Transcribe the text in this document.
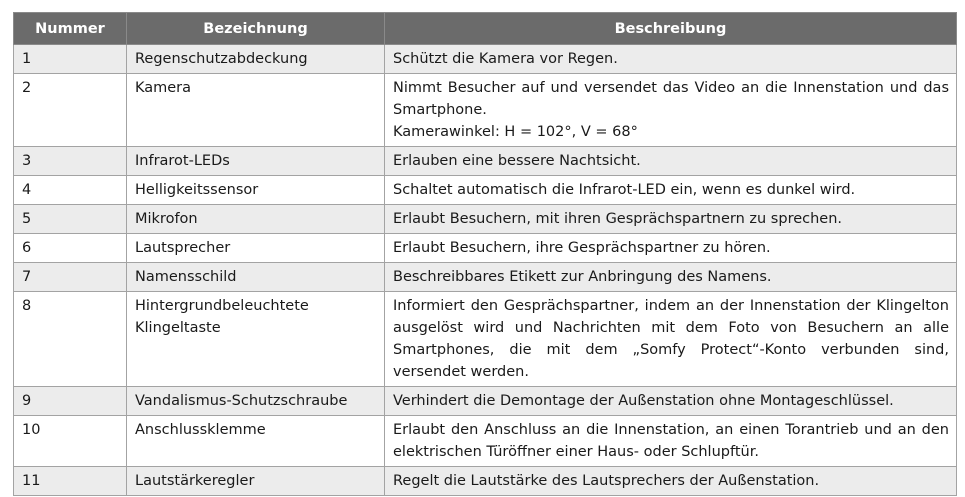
Nummer	Bezeichnung	Beschreibung
1	Regenschutzabdeckung	Schützt die Kamera vor Regen.
2	Kamera	Nimmt Besucher auf und versendet das Video an die Innenstation und das Smartphone.
Kamerawinkel: H = 102°, V = 68°

3	Infrarot-LEDs	Erlauben eine bessere Nachtsicht.
4	Helligkeitssensor	Schaltet automatisch die Infrarot-LED ein, wenn es dunkel wird.
5	Mikrofon	Erlaubt Besuchern, mit ihren Gesprächspartnern zu sprechen.
6	Lautsprecher	Erlaubt Besuchern, ihre Gesprächspartner zu hören.
7	Namensschild	Beschreibbares Etikett zur Anbringung des Namens.
8	Hintergrundbeleuchtete Klingeltaste	Informiert den Gesprächspartner, indem an der Innenstation der Klingelton ausgelöst wird und Nachrichten mit dem Foto von Besuchern an alle Smartphones, die mit dem „Somfy Protect“-Konto verbunden sind, versendet werden.
9	Vandalismus-Schutzschraube	Verhindert die Demontage der Außenstation ohne Montageschlüssel.
10	Anschlussklemme	Erlaubt den Anschluss an die Innenstation, an einen Torantrieb und an den elektrischen Türöffner einer Haus- oder Schlupftür.
11	Lautstärkeregler	Regelt die Lautstärke des Lautsprechers der Außenstation.
